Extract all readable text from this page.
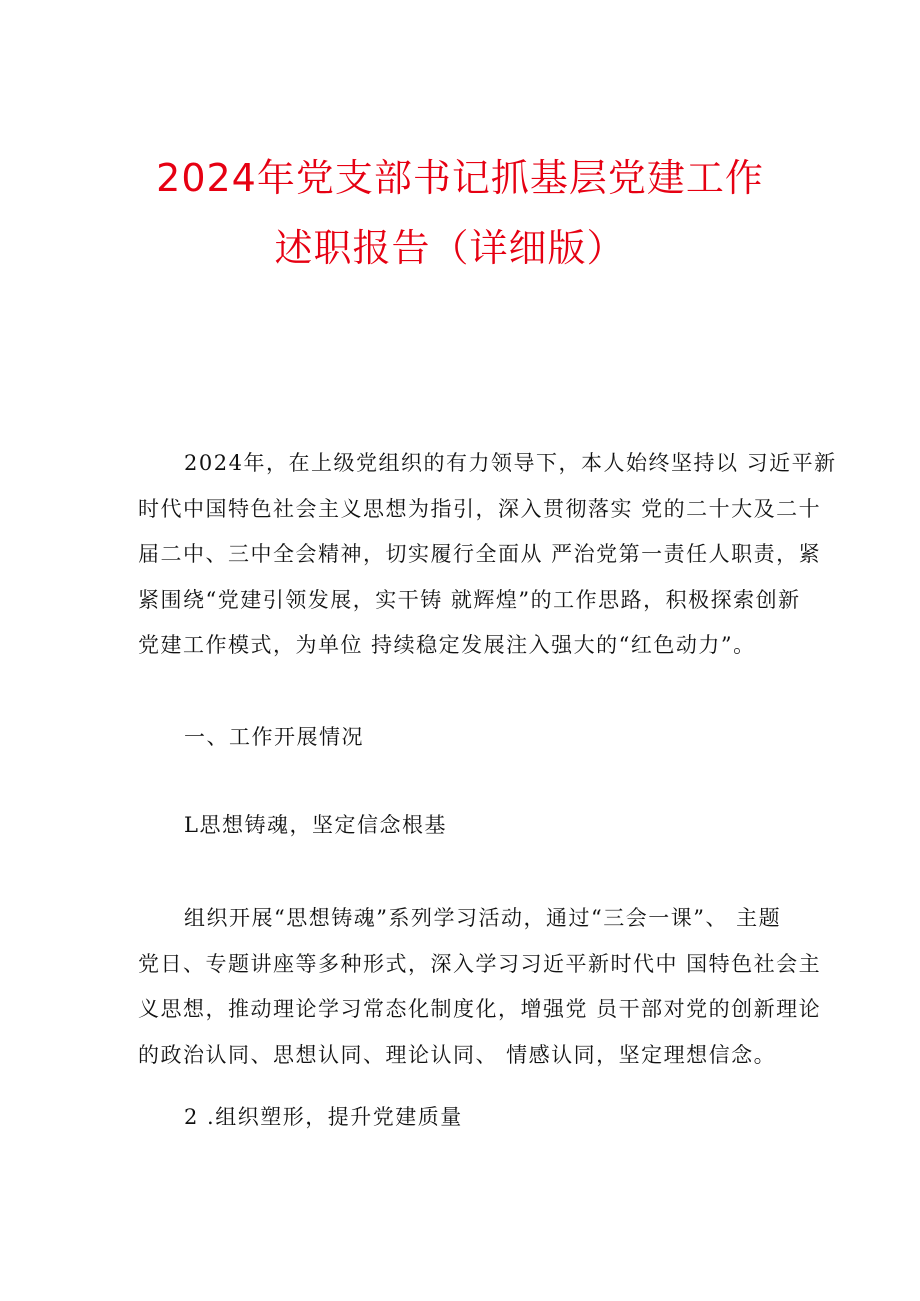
2024年党支部书记抓基层党建工作
述职报告（详细版）

2024年，在上级党组织的有力领导下，本人始终坚持以 习近平新
时代中国特色社会主义思想为指引，深入贯彻落实 党的二十大及二十
届二中、三中全会精神，切实履行全面从 严治党第一责任人职责，紧
紧围绕“党建引领发展，实干铸 就辉煌”的工作思路，积极探索创新
党建工作模式，为单位 持续稳定发展注入强大的“红色动力”。

一、工作开展情况
L思想铸魂，坚定信念根基

组织开展“思想铸魂”系列学习活动，通过“三会一课”、 主题
党日、专题讲座等多种形式，深入学习习近平新时代中 国特色社会主
义思想，推动理论学习常态化制度化，增强党 员干部对党的创新理论
的政治认同、思想认同、理论认同、 情感认同，坚定理想信念。

2 .组织塑形，提升党建质量
